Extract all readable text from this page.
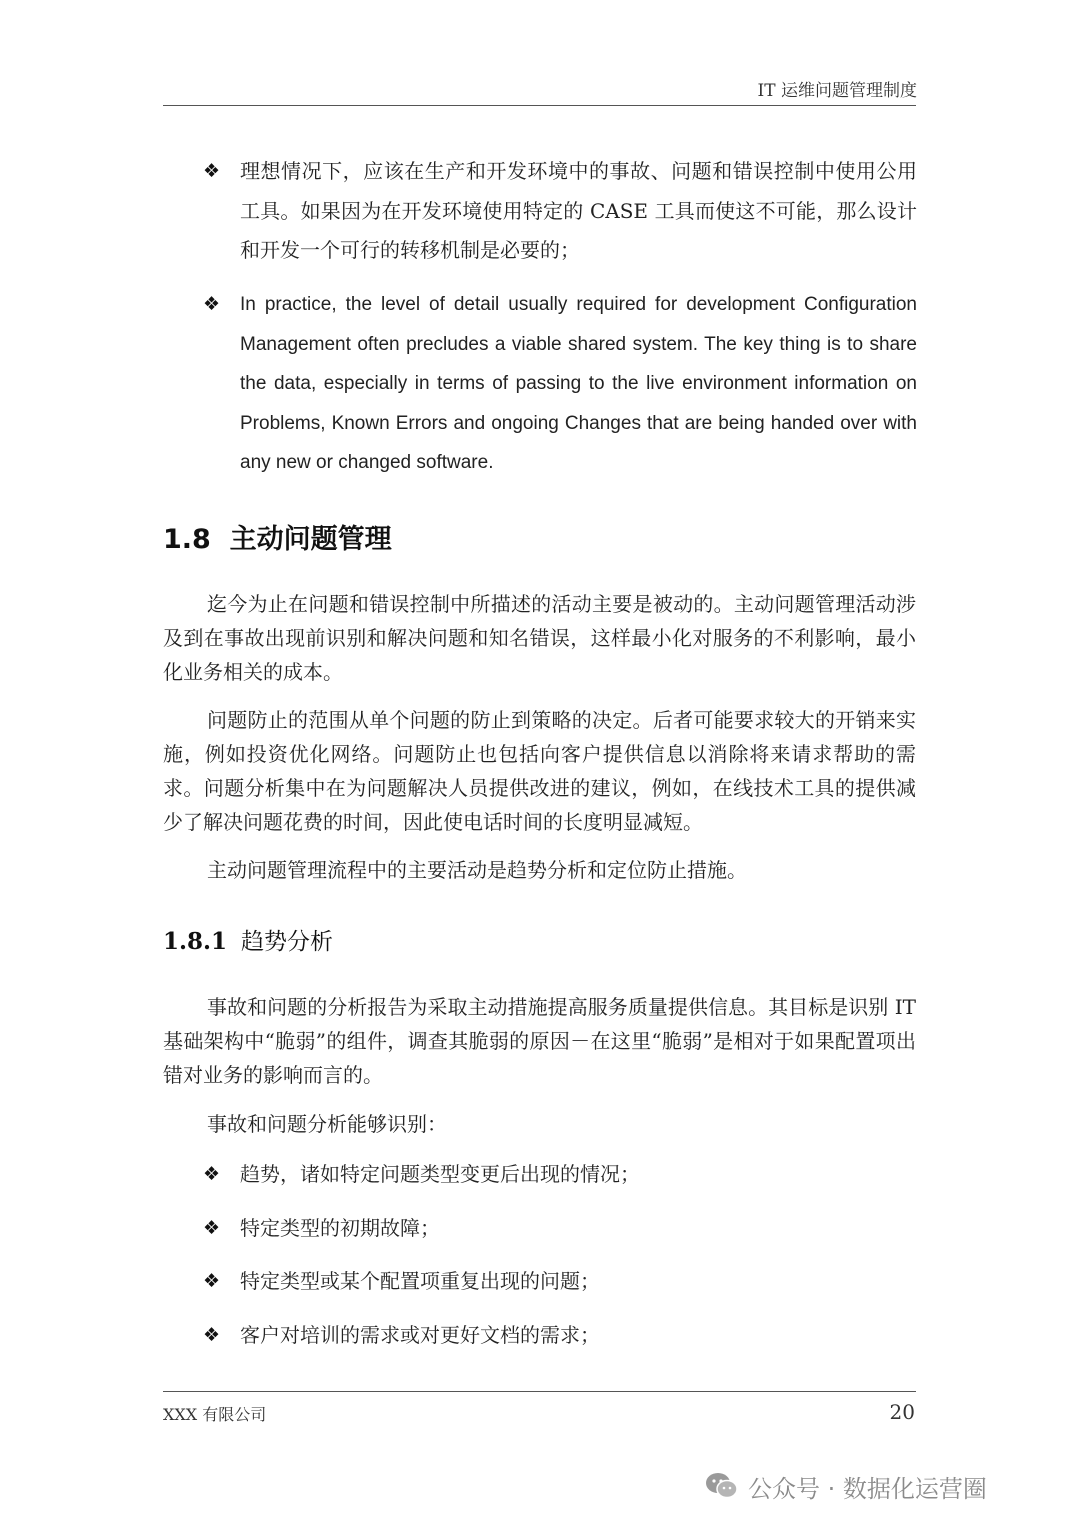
IT 运维问题管理制度
❖ 理想情况下，应该在生产和开发环境中的事故、问题和错误控制中使用公用工具。如果因为在开发环境使用特定的 CASE 工具而使这不可能，那么设计和开发一个可行的转移机制是必要的；
❖ In practice, the level of detail usually required for development Configuration Management often precludes a viable shared system. The key thing is to share the data, especially in terms of passing to the live environment information on Problems, Known Errors and ongoing Changes that are being handed over with any new or changed software.
1.8 主动问题管理
迄今为止在问题和错误控制中所描述的活动主要是被动的。主动问题管理活动涉及到在事故出现前识别和解决问题和知名错误，这样最小化对服务的不利影响，最小化业务相关的成本。
问题防止的范围从单个问题的防止到策略的决定。后者可能要求较大的开销来实施，例如投资优化网络。问题防止也包括向客户提供信息以消除将来请求帮助的需求。问题分析集中在为问题解决人员提供改进的建议，例如，在线技术工具的提供减少了解决问题花费的时间，因此使电话时间的长度明显减短。
主动问题管理流程中的主要活动是趋势分析和定位防止措施。
1.8.1 趋势分析
事故和问题的分析报告为采取主动措施提高服务质量提供信息。其目标是识别 IT 基础架构中“脆弱”的组件，调查其脆弱的原因－在这里“脆弱”是相对于如果配置项出错对业务的影响而言的。
事故和问题分析能够识别：
❖ 趋势，诸如特定问题类型变更后出现的情况；
❖ 特定类型的初期故障；
❖ 特定类型或某个配置项重复出现的问题；
❖ 客户对培训的需求或对更好文档的需求；
XXX 有限公司	20
公众号 · 数据化运营圈
